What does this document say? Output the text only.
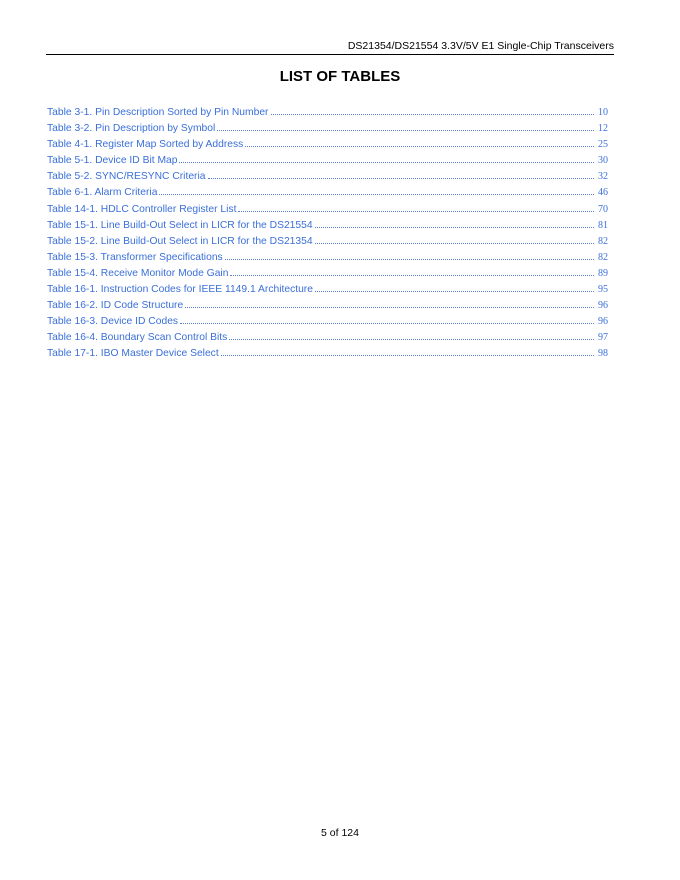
DS21354/DS21554 3.3V/5V E1 Single-Chip Transceivers
LIST OF TABLES
Table 3-1. Pin Description Sorted by Pin Number	10
Table 3-2. Pin Description by Symbol	12
Table 4-1. Register Map Sorted by Address	25
Table 5-1. Device ID Bit Map	30
Table 5-2. SYNC/RESYNC Criteria	32
Table 6-1. Alarm Criteria	46
Table 14-1. HDLC Controller Register List	70
Table 15-1. Line Build-Out Select in LICR for the DS21554	81
Table 15-2. Line Build-Out Select in LICR for the DS21354	82
Table 15-3. Transformer Specifications	82
Table 15-4. Receive Monitor Mode Gain	89
Table 16-1. Instruction Codes for IEEE 1149.1 Architecture	95
Table 16-2. ID Code Structure	96
Table 16-3. Device ID Codes	96
Table 16-4. Boundary Scan Control Bits	97
Table 17-1. IBO Master Device Select	98
5 of 124
